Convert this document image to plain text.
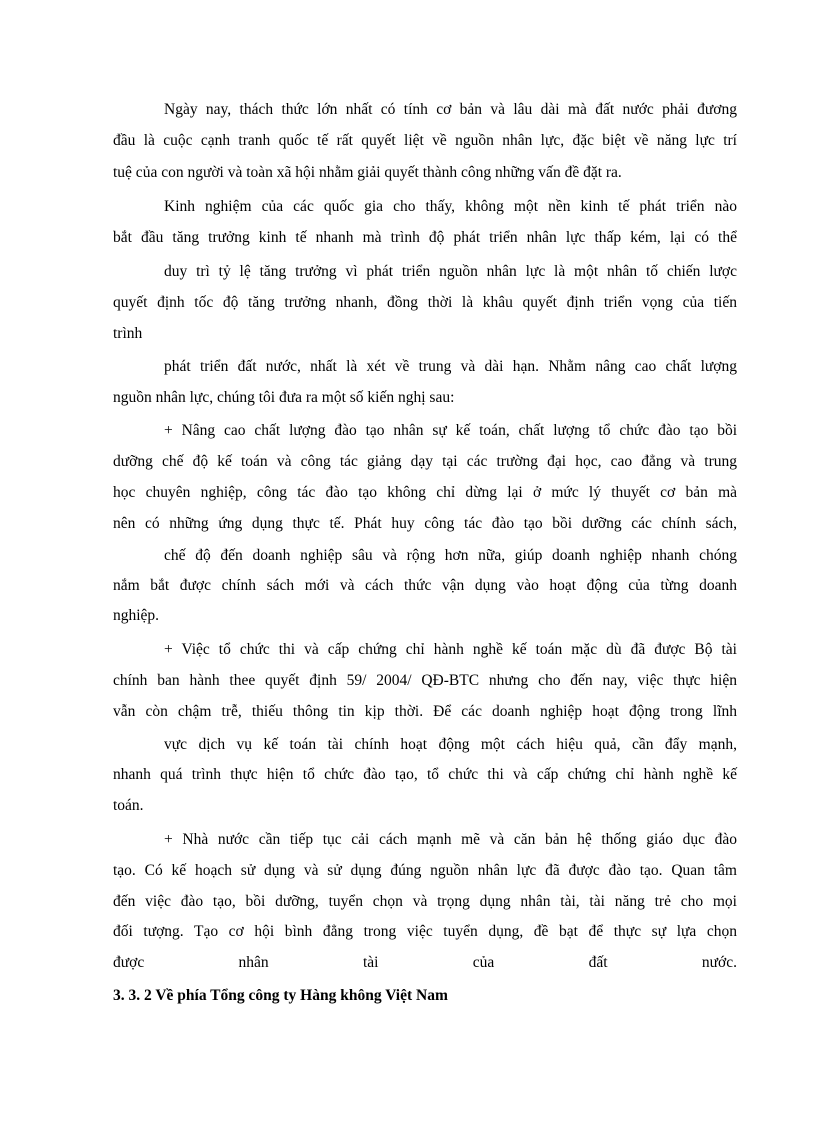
Ngày nay, thách thức lớn nhất có tính cơ bản và lâu dài mà đất nước phải đương
đầu là cuộc cạnh tranh quốc tế rất quyết liệt về nguồn nhân lực, đặc biệt về năng lực trí
tuệ của con người và toàn xã hội nhằm giải quyết thành công những vấn đề đặt ra.
Kinh nghiệm của các quốc gia cho thấy, không một nền kinh tế phát triển nào
bắt đầu tăng trưởng kinh tế nhanh mà trình độ phát triển nhân lực thấp kém, lại có thể
duy trì tỷ lệ tăng trưởng vì phát triển nguồn nhân lực là một nhân tố chiến lược
quyết định tốc độ tăng trưởng nhanh, đồng thời là khâu quyết định triển vọng của tiến
trình
phát triển đất nước, nhất là xét về trung và dài hạn. Nhằm nâng cao chất lượng
nguồn nhân lực, chúng tôi đưa ra một số kiến nghị sau:
+ Nâng cao chất lượng đào tạo nhân sự kế toán, chất lượng tổ chức đào tạo bồi
dưỡng chế độ kế toán và công tác giảng dạy tại các trường đại học, cao đẳng và trung
học chuyên nghiệp, công tác đào tạo không chỉ dừng lại ở mức lý thuyết cơ bản mà
nên có những ứng dụng thực tế. Phát huy công tác đào tạo bồi dưỡng các chính sách,
chế độ đến doanh nghiệp sâu và rộng hơn nữa, giúp doanh nghiệp nhanh chóng
nắm bắt được chính sách mới và cách thức vận dụng vào hoạt động của từng doanh
nghiệp.
+ Việc tổ chức thi và cấp chứng chỉ hành nghề kế toán mặc dù đã được Bộ tài
chính ban hành thee quyết định 59/ 2004/ QĐ-BTC nhưng cho đến nay, việc thực hiện
vẫn còn chậm trễ, thiếu thông tin kịp thời. Để các doanh nghiệp hoạt động trong lĩnh
vực dịch vụ kế toán tài chính hoạt động một cách hiệu quả, cần đẩy mạnh,
nhanh quá trình thực hiện tổ chức đào tạo, tổ chức thi và cấp chứng chỉ hành nghề kế
toán.
+ Nhà nước cần tiếp tục cải cách mạnh mẽ và căn bản hệ thống giáo dục đào
tạo. Có kế hoạch sử dụng và sử dụng đúng nguồn nhân lực đã được đào tạo. Quan tâm
đến việc đào tạo, bồi dưỡng, tuyển chọn và trọng dụng nhân tài, tài năng trẻ cho mọi
đối tượng. Tạo cơ hội bình đẳng trong việc tuyển dụng, đề bạt để thực sự lựa chọn
được nhân tài của đất nước.
3. 3. 2 Về phía Tổng công ty Hàng không Việt Nam
